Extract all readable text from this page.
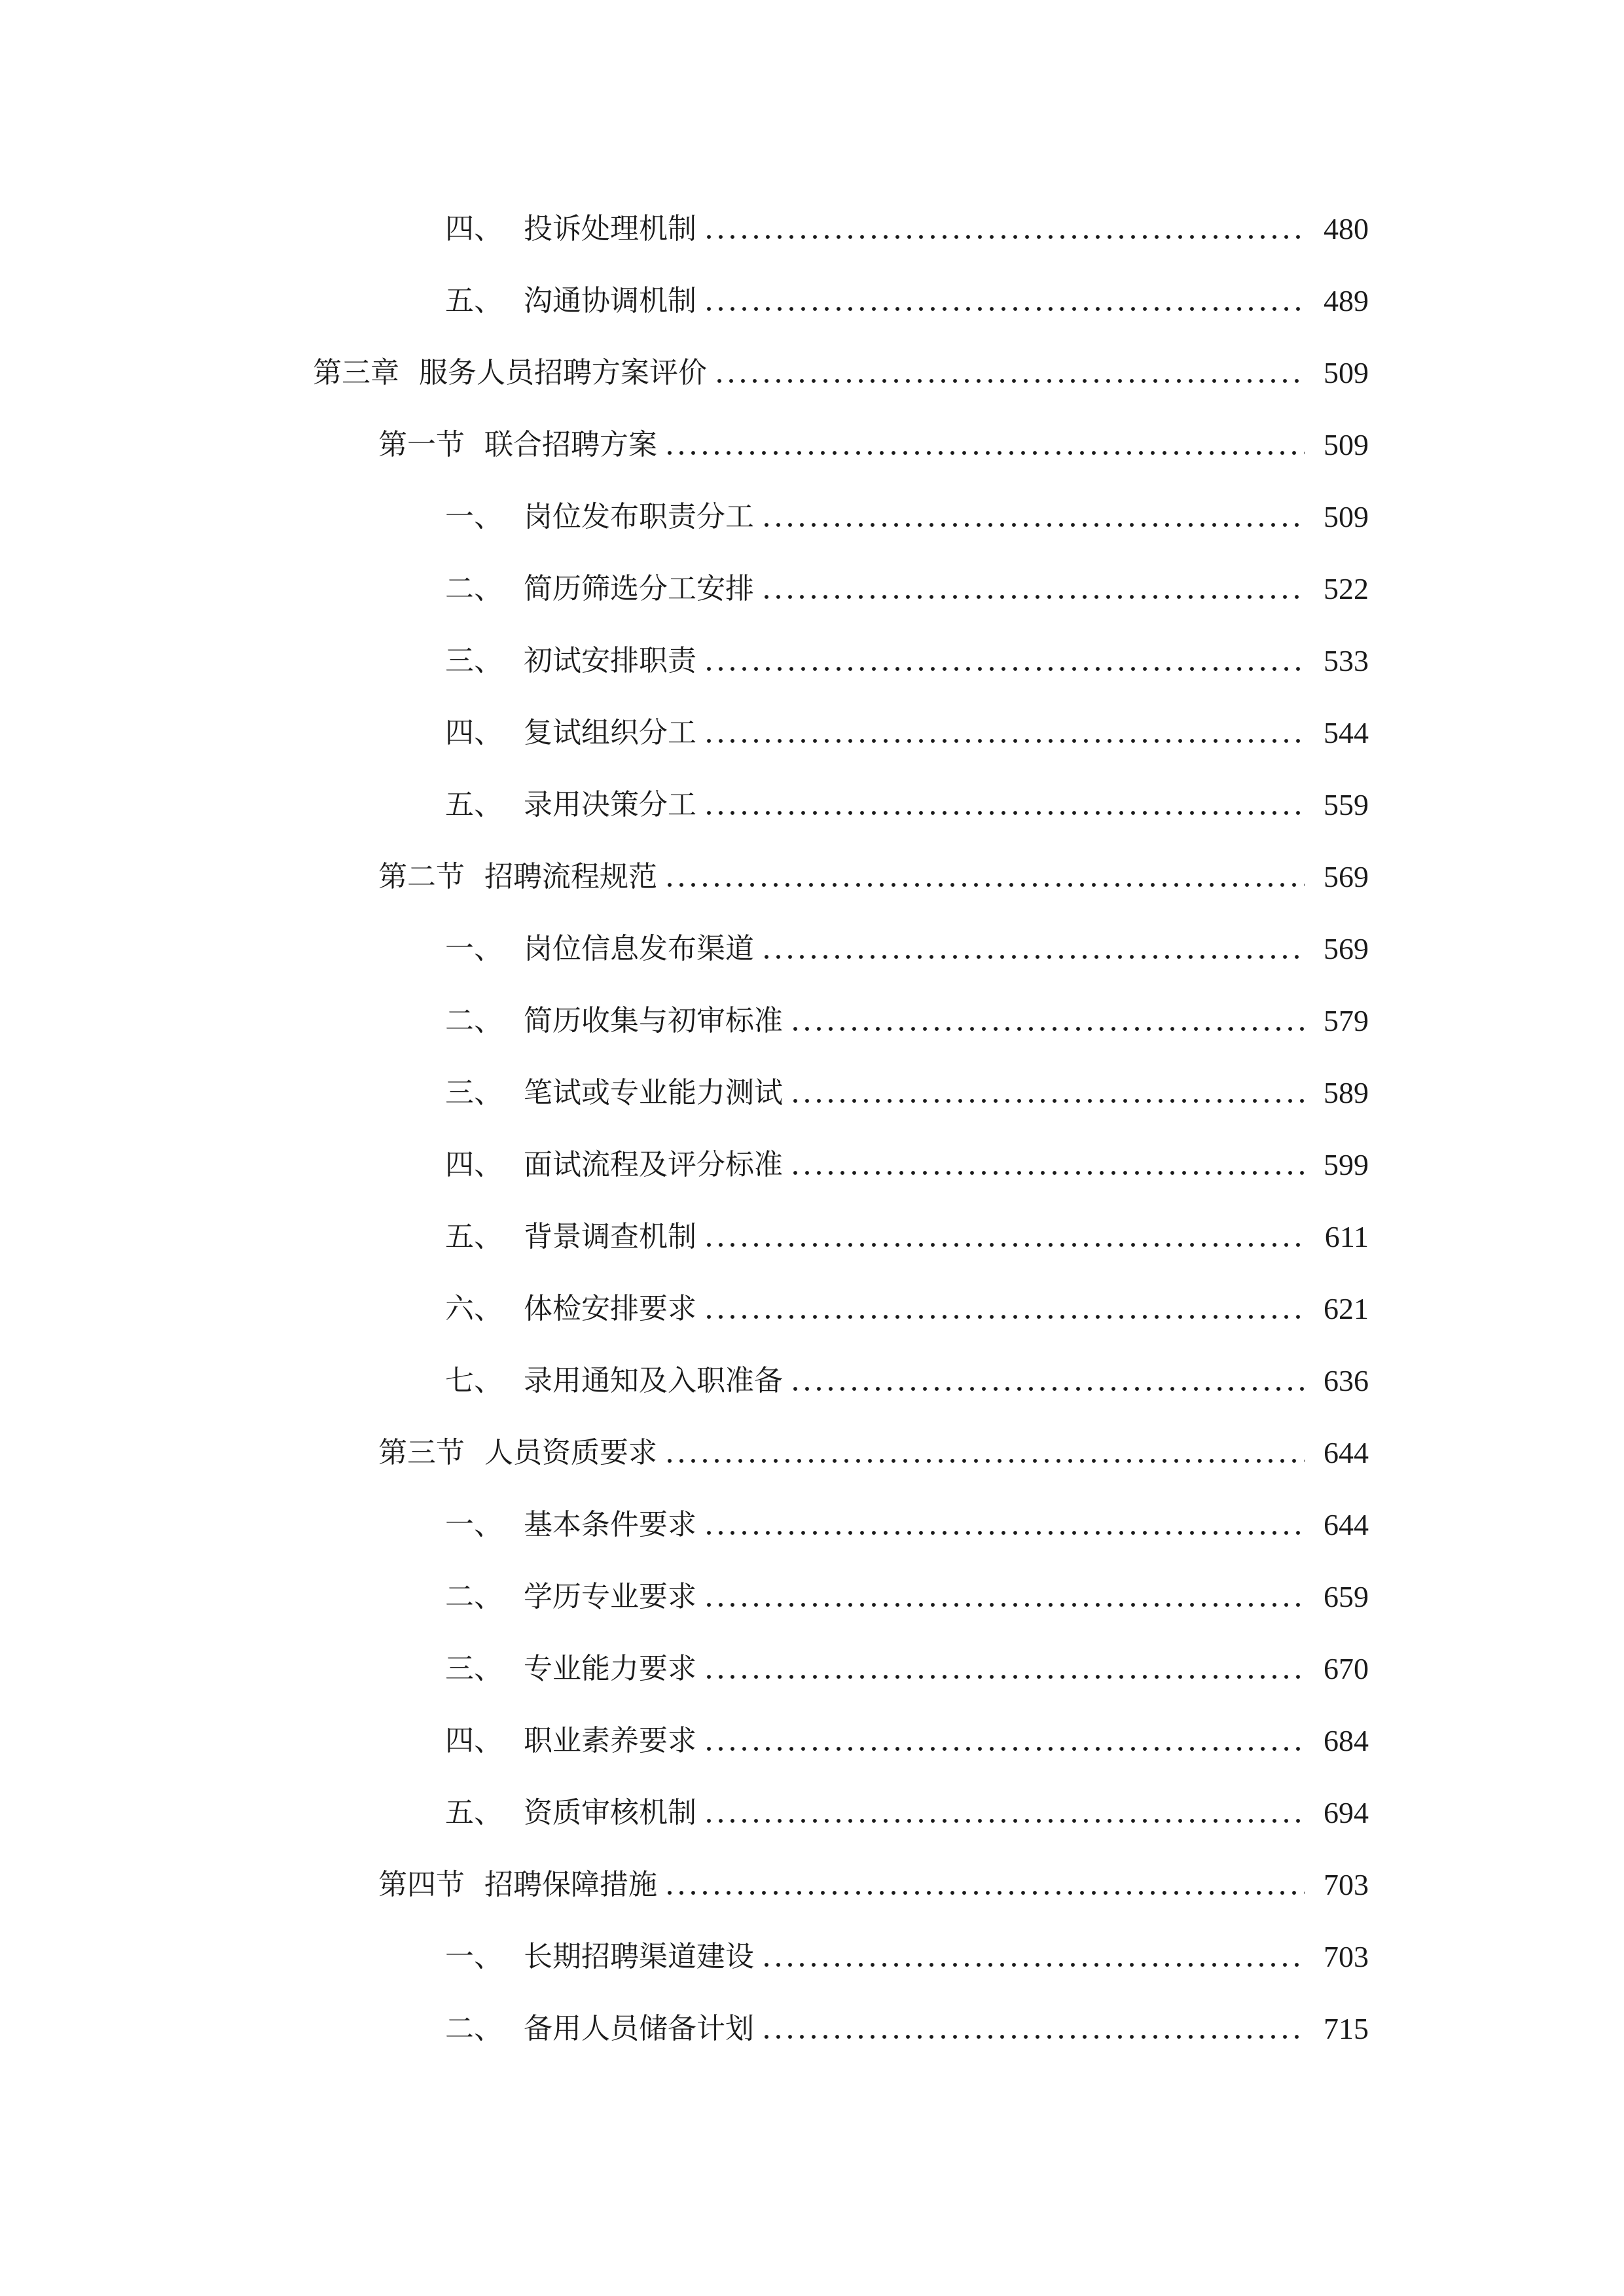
四、 投诉处理机制	480
五、 沟通协调机制	489
第三章 服务人员招聘方案评价	509
第一节 联合招聘方案	509
一、 岗位发布职责分工	509
二、 简历筛选分工安排	522
三、 初试安排职责	533
四、 复试组织分工	544
五、 录用决策分工	559
第二节 招聘流程规范	569
一、 岗位信息发布渠道	569
二、 简历收集与初审标准	579
三、 笔试或专业能力测试	589
四、 面试流程及评分标准	599
五、 背景调查机制	611
六、 体检安排要求	621
七、 录用通知及入职准备	636
第三节 人员资质要求	644
一、 基本条件要求	644
二、 学历专业要求	659
三、 专业能力要求	670
四、 职业素养要求	684
五、 资质审核机制	694
第四节 招聘保障措施	703
一、 长期招聘渠道建设	703
二、 备用人员储备计划	715
